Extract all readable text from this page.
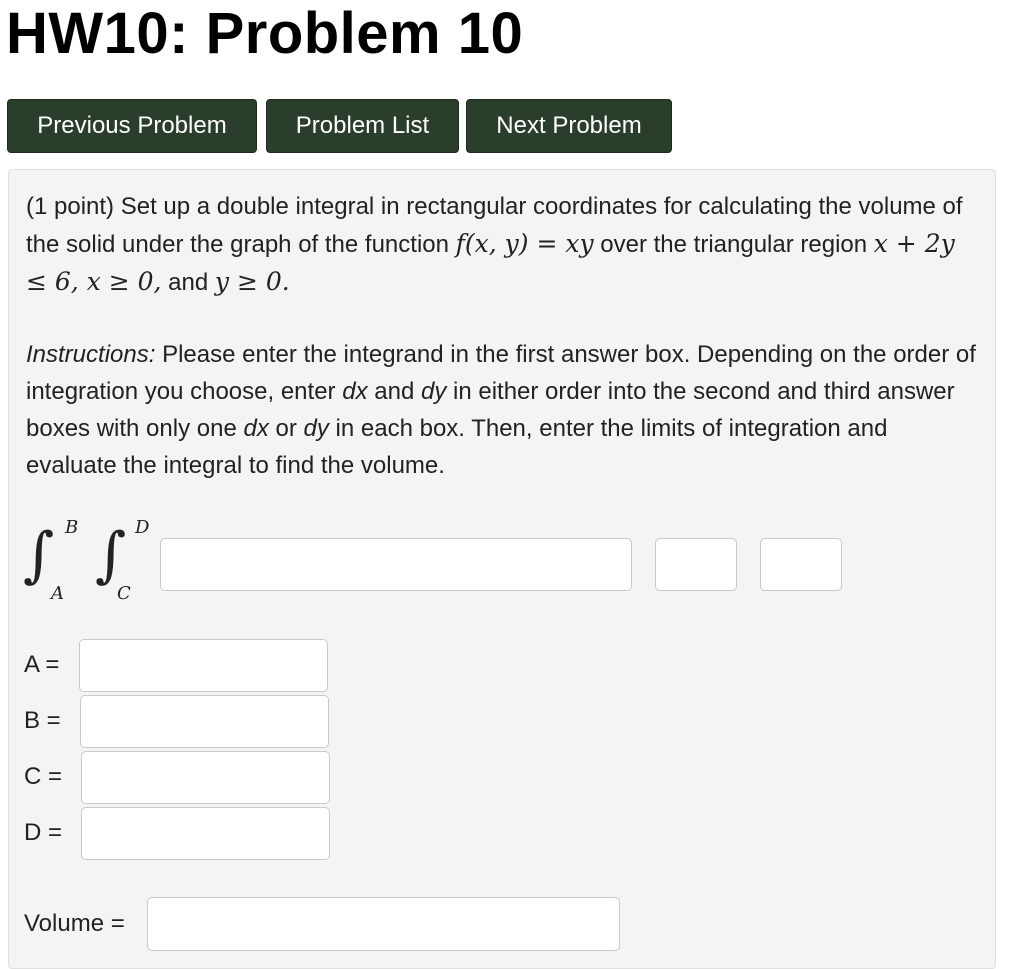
HW10: Problem 10
Previous Problem	Problem List	Next Problem
(1 point) Set up a double integral in rectangular coordinates for calculating the volume of the solid under the graph of the function f(x, y) = xy over the triangular region x + 2y ≤ 6, x ≥ 0, and y ≥ 0.
Instructions: Please enter the integrand in the first answer box. Depending on the order of integration you choose, enter dx and dy in either order into the second and third answer boxes with only one dx or dy in each box. Then, enter the limits of integration and evaluate the integral to find the volume.
∫ B
A
∫ D
C
A =
B =
C =
D =
Volume =
